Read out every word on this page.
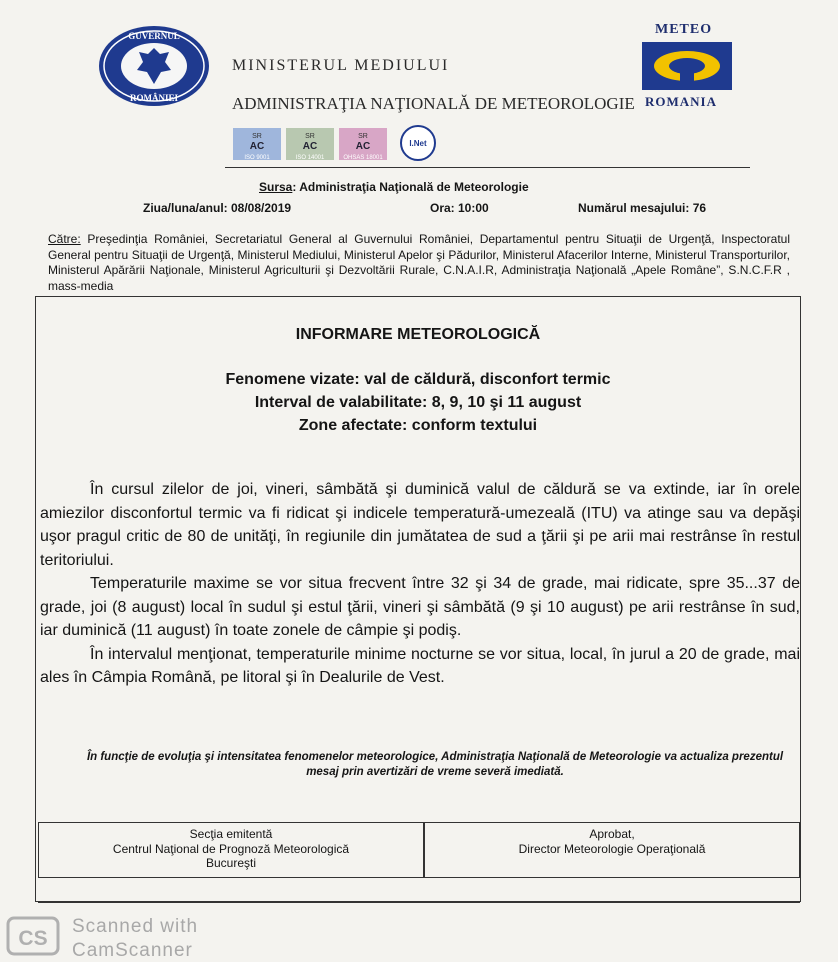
GUVERNUL
ROMÂNIEI
MINISTERUL MEDIULUI
ADMINISTRAŢIA NAŢIONALĂ DE METEOROLOGIE
SR
AC
ISO 9001
SR
AC
ISO 14001
SR
AC
OHSAS 18001
I.Net
METEO
ROMANIA
Sursa: Administraţia Naţională de Meteorologie
Ziua/luna/anul: 08/08/2019	Ora: 10:00	Numărul mesajului: 76
Către: Preşedinţia României, Secretariatul General al Guvernului României, Departamentul pentru Situaţii de Urgenţă, Inspectoratul General pentru Situaţii de Urgenţă, Ministerul Mediului, Ministerul Apelor şi Pădurilor, Ministerul Afacerilor Interne, Ministerul Transporturilor, Ministerul Apărării Naţionale, Ministerul Agriculturii şi Dezvoltării Rurale, C.N.A.I.R, Administraţia Naţională „Apele Române”, S.N.C.F.R , mass-media
INFORMARE METEOROLOGICĂ
Fenomene vizate: val de căldură, disconfort termic
Interval de valabilitate: 8, 9, 10 şi 11 august
Zone afectate: conform textului

În cursul zilelor de joi, vineri, sâmbătă şi duminică valul de căldură se va extinde, iar în orele amiezilor disconfortul termic va fi ridicat şi indicele temperatură-umezeală (ITU) va atinge sau va depăşi uşor pragul critic de 80 de unităţi, în regiunile din jumătatea de sud a ţării şi pe arii mai restrânse în restul teritoriului.

Temperaturile maxime se vor situa frecvent între 32 şi 34 de grade, mai ridicate, spre 35...37 de grade, joi (8 august) local în sudul şi estul ţării, vineri şi sâmbătă (9 şi 10 august) pe arii restrânse în sud, iar duminică (11 august) în toate zonele de câmpie şi podiş.

În intervalul menţionat, temperaturile minime nocturne se vor situa, local, în jurul a 20 de grade, mai ales în Câmpia Română, pe litoral şi în Dealurile de Vest.

În funcţie de evoluţia şi intensitatea fenomenelor meteorologice, Administraţia Naţională de Meteorologie va actualiza prezentul mesaj prin avertizări de vreme severă imediată.
Secţia emitentă
Centrul Naţional de Prognoză Meteorologică
Bucureşti
Aprobat,
Director Meteorologie Operaţională
CS
Scanned with
CamScanner
